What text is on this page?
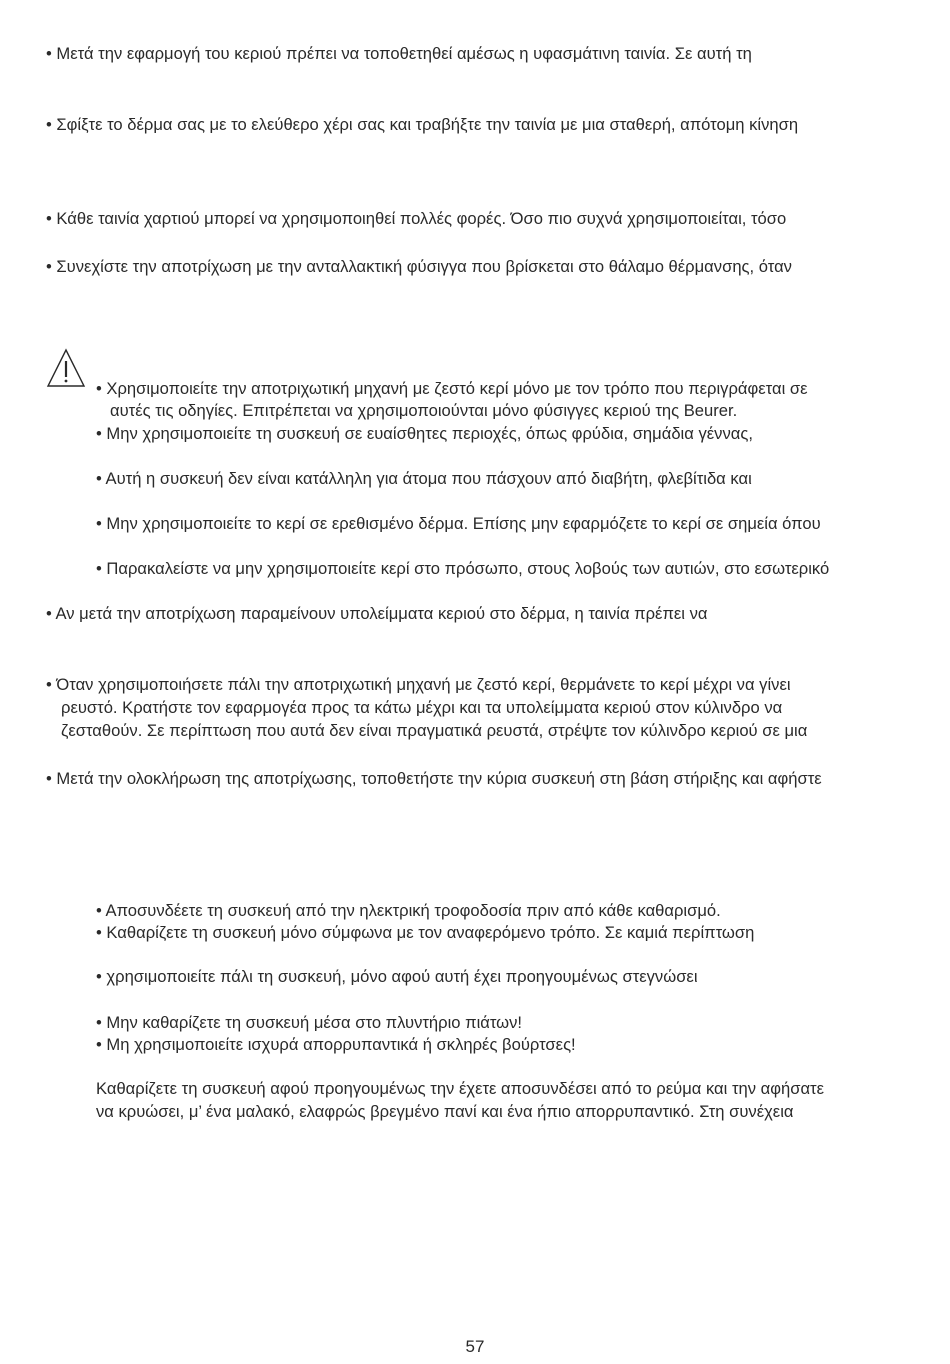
• Μετά την εφαρμογή του κεριού πρέπει να τοποθετηθεί αμέσως η υφασμάτινη ταινία. Σε αυτή τη
• Σφίξτε το δέρμα σας με το ελεύθερο χέρι σας και τραβήξτε την ταινία με μια σταθερή, απότομη κίνηση
• Κάθε ταινία χαρτιού μπορεί να χρησιμοποιηθεί πολλές φορές. Όσο πιο συχνά χρησιμοποιείται, τόσο
• Συνεχίστε την αποτρίχωση με την ανταλλακτική φύσιγγα που βρίσκεται στο θάλαμο θέρμανσης, όταν
• Χρησιμοποιείτε την αποτριχωτική μηχανή με ζεστό κερί μόνο με τον τρόπο που περιγράφεται σε
αυτές τις οδηγίες. Επιτρέπεται να χρησιμοποιούνται μόνο φύσιγγες κεριού της Beurer.
• Μην χρησιμοποιείτε τη συσκευή σε ευαίσθητες περιοχές, όπως φρύδια, σημάδια γέννας,
• Αυτή η συσκευή δεν είναι κατάλληλη για άτομα που πάσχουν από διαβήτη, φλεβίτιδα και
• Μην χρησιμοποιείτε το κερί σε ερεθισμένο δέρμα. Επίσης μην εφαρμόζετε το κερί σε σημεία όπου
• Παρακαλείστε να μην χρησιμοποιείτε κερί στο πρόσωπο, στους λοβούς των αυτιών, στο εσωτερικό
• Αν μετά την αποτρίχωση παραμείνουν υπολείμματα κεριού στο δέρμα, η ταινία πρέπει να
• Όταν χρησιμοποιήσετε πάλι την αποτριχωτική μηχανή με ζεστό κερί, θερμάνετε το κερί μέχρι να γίνει
ρευστό. Κρατήστε τον εφαρμογέα προς τα κάτω μέχρι και τα υπολείμματα κεριού στον κύλινδρο να
ζεσταθούν. Σε περίπτωση που αυτά δεν είναι πραγματικά ρευστά, στρέψτε τον κύλινδρο κεριού σε μια
• Μετά την ολοκλήρωση της αποτρίχωσης, τοποθετήστε την κύρια συσκευή στη βάση στήριξης και αφήστε
• Αποσυνδέετε τη συσκευή από την ηλεκτρική τροφοδοσία πριν από κάθε καθαρισμό.
• Καθαρίζετε τη συσκευή μόνο σύμφωνα με τον αναφερόμενο τρόπο. Σε καμιά περίπτωση
• χρησιμοποιείτε πάλι τη συσκευή, μόνο αφού αυτή έχει προηγουμένως στεγνώσει
• Μην καθαρίζετε τη συσκευή μέσα στο πλυντήριο πιάτων!
• Μη χρησιμοποιείτε ισχυρά απορρυπαντικά ή σκληρές βούρτσες!
Καθαρίζετε τη συσκευή αφού προηγουμένως την έχετε αποσυνδέσει από το ρεύμα και την αφήσατε
να κρυώσει, μ’ ένα μαλακό, ελαφρώς βρεγμένο πανί και ένα ήπιο απορρυπαντικό. Στη συνέχεια
57
